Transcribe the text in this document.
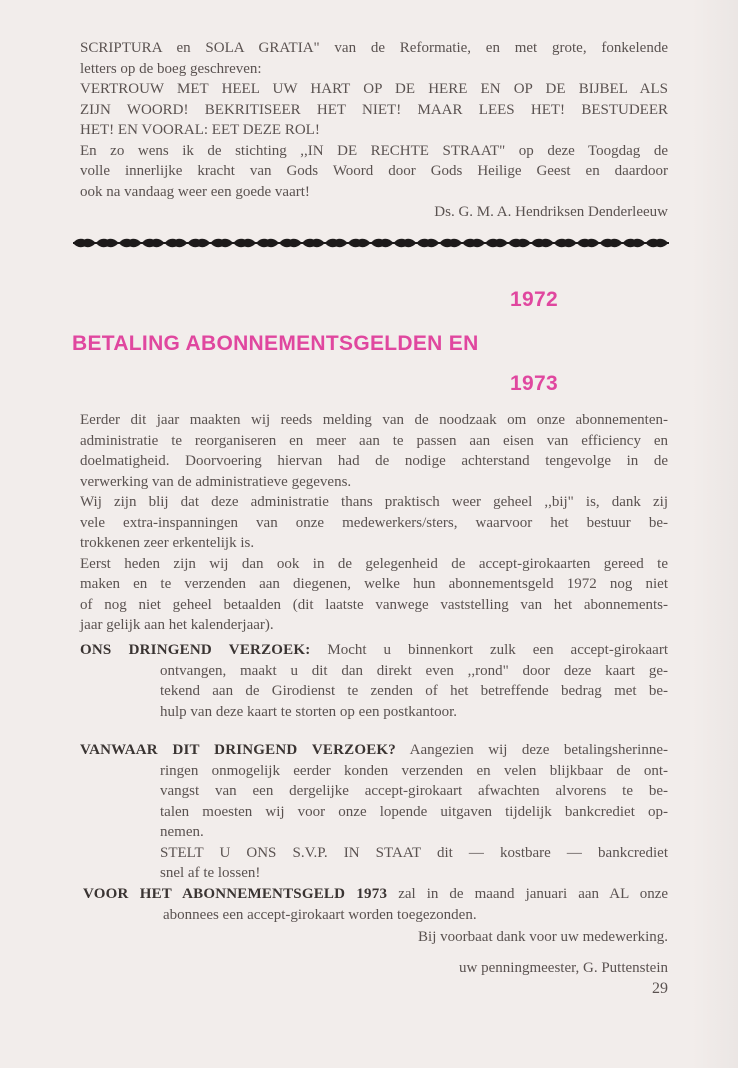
SCRIPTURA en SOLA GRATIA" van de Reformatie, en met grote, fonkelende
letters op de boeg geschreven:
VERTROUW MET HEEL UW HART OP DE HERE EN OP DE BIJBEL ALS
ZIJN WOORD! BEKRITISEER HET NIET! MAAR LEES HET! BESTUDEER
HET! EN VOORAL: EET DEZE ROL!
En zo wens ik de stichting ,,IN DE RECHTE STRAAT" op deze Toogdag de
volle innerlijke kracht van Gods Woord door Gods Heilige Geest en daardoor
ook na vandaag weer een goede vaart!
Ds. G. M. A. Hendriksen Denderleeuw
1972
BETALING ABONNEMENTSGELDEN EN
1973
Eerder dit jaar maakten wij reeds melding van de noodzaak om onze abonnementen-
administratie te reorganiseren en meer aan te passen aan eisen van efficiency en
doelmatigheid. Doorvoering hiervan had de nodige achterstand tengevolge in de
verwerking van de administratieve gegevens.
Wij zijn blij dat deze administratie thans praktisch weer geheel ,,bij" is, dank zij
vele extra-inspanningen van onze medewerkers/sters, waarvoor het bestuur be-
trokkenen zeer erkentelijk is.
Eerst heden zijn wij dan ook in de gelegenheid de accept-girokaarten gereed te
maken en te verzenden aan diegenen, welke hun abonnementsgeld 1972 nog niet
of nog niet geheel betaalden (dit laatste vanwege vaststelling van het abonnements-
jaar gelijk aan het kalenderjaar).
ONS DRINGEND VERZOEK: Mocht u binnenkort zulk een accept-girokaart
ontvangen, maakt u dit dan direkt even ,,rond" door deze kaart ge-
tekend aan de Girodienst te zenden of het betreffende bedrag met be-
hulp van deze kaart te storten op een postkantoor.
VANWAAR DIT DRINGEND VERZOEK? Aangezien wij deze betalingsherinne-
ringen onmogelijk eerder konden verzenden en velen blijkbaar de ont-
vangst van een dergelijke accept-girokaart afwachten alvorens te be-
talen moesten wij voor onze lopende uitgaven tijdelijk bankcrediet op-
nemen.
STELT U ONS S.V.P. IN STAAT dit — kostbare — bankcrediet
snel af te lossen!
VOOR HET ABONNEMENTSGELD 1973 zal in de maand januari aan AL onze
abonnees een accept-girokaart worden toegezonden.
Bij voorbaat dank voor uw medewerking.
uw penningmeester, G. Puttenstein
29
